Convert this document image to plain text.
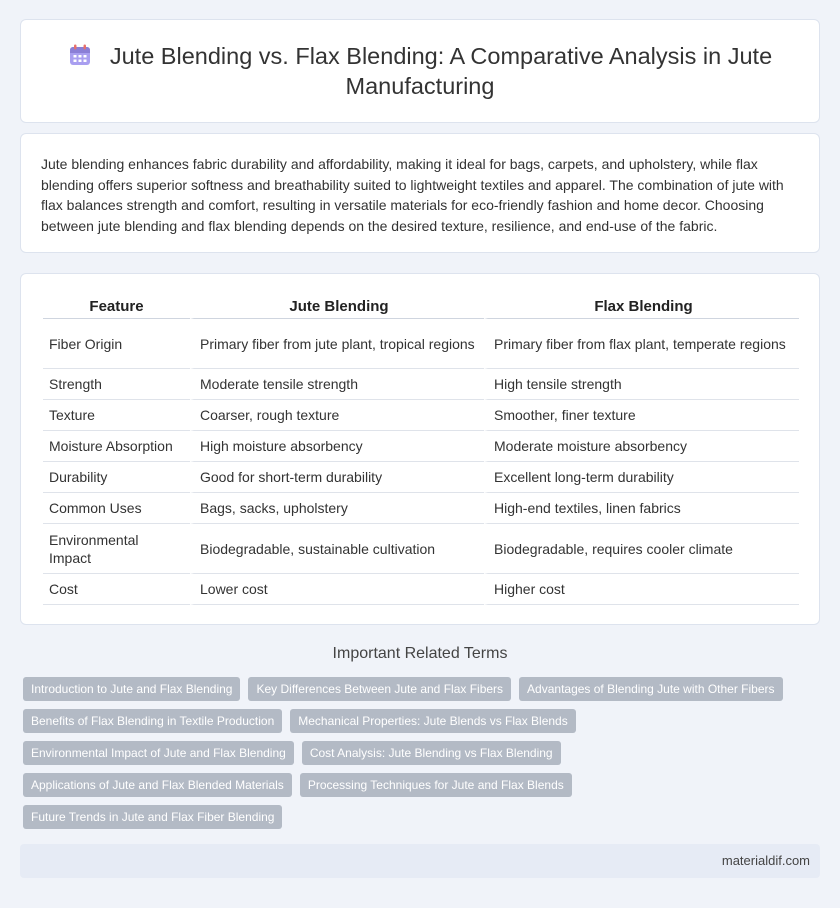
Jute Blending vs. Flax Blending: A Comparative Analysis in Jute Manufacturing

Jute blending enhances fabric durability and affordability, making it ideal for bags, carpets, and upholstery, while flax blending offers superior softness and breathability suited to lightweight textiles and apparel. The combination of jute with flax balances strength and comfort, resulting in versatile materials for eco-friendly fashion and home decor. Choosing between jute blending and flax blending depends on the desired texture, resilience, and end-use of the fabric.

Feature	Jute Blending	Flax Blending
Fiber Origin	Primary fiber from jute plant, tropical regions	Primary fiber from flax plant, temperate regions
Strength	Moderate tensile strength	High tensile strength
Texture	Coarser, rough texture	Smoother, finer texture
Moisture Absorption	High moisture absorbency	Moderate moisture absorbency
Durability	Good for short-term durability	Excellent long-term durability
Common Uses	Bags, sacks, upholstery	High-end textiles, linen fabrics
Environmental Impact	Biodegradable, sustainable cultivation	Biodegradable, requires cooler climate
Cost	Lower cost	Higher cost
Important Related Terms
Introduction to Jute and Flax Blending	Key Differences Between Jute and Flax Fibers	Advantages of Blending Jute with Other Fibers
Benefits of Flax Blending in Textile Production	Mechanical Properties: Jute Blends vs Flax Blends
Environmental Impact of Jute and Flax Blending	Cost Analysis: Jute Blending vs Flax Blending
Applications of Jute and Flax Blended Materials	Processing Techniques for Jute and Flax Blends
Future Trends in Jute and Flax Fiber Blending
materialdif.com
